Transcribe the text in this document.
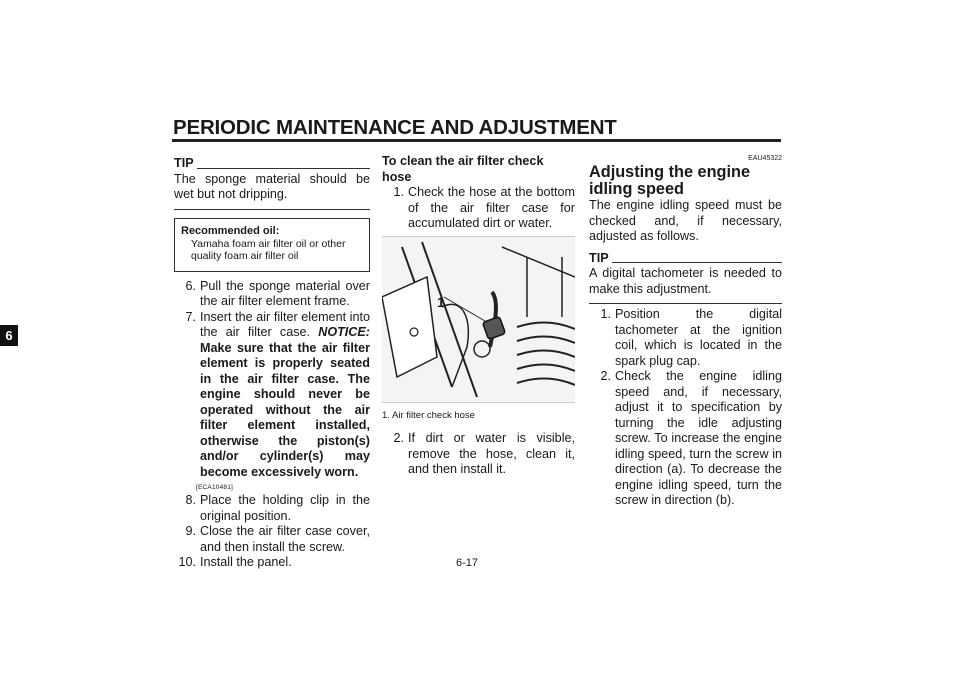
PERIODIC MAINTENANCE AND ADJUSTMENT
6
TIP

The sponge material should be wet but not dripping.

Recommended oil:
Yamaha foam air filter oil or other quality foam air filter oil
6. Pull the sponge material over the air filter element frame.
7. Insert the air filter element into the air filter case. NOTICE: Make sure that the air filter element is properly seated in the air filter case. The engine should never be operated without the air filter element installed, otherwise the piston(s) and/or cylinder(s) may become excessively worn.
[ECA10481]
8. Place the holding clip in the original position.
9. Close the air filter case cover, and then install the screw.
10. Install the panel.
To clean the air filter check hose
1. Check the hose at the bottom of the air filter case for accumulated dirt or water.
1
1. Air filter check hose
2. If dirt or water is visible, remove the hose, clean it, and then install it.
EAU45322
Adjusting the engine idling speed

The engine idling speed must be checked and, if necessary, adjusted as follows.

TIP

A digital tachometer is needed to make this adjustment.

1. Position the digital tachometer at the ignition coil, which is located in the spark plug cap.
2. Check the engine idling speed and, if necessary, adjust it to specification by turning the idle adjusting screw. To increase the engine idling speed, turn the screw in direction (a). To decrease the engine idling speed, turn the screw in direction (b).
6-17
